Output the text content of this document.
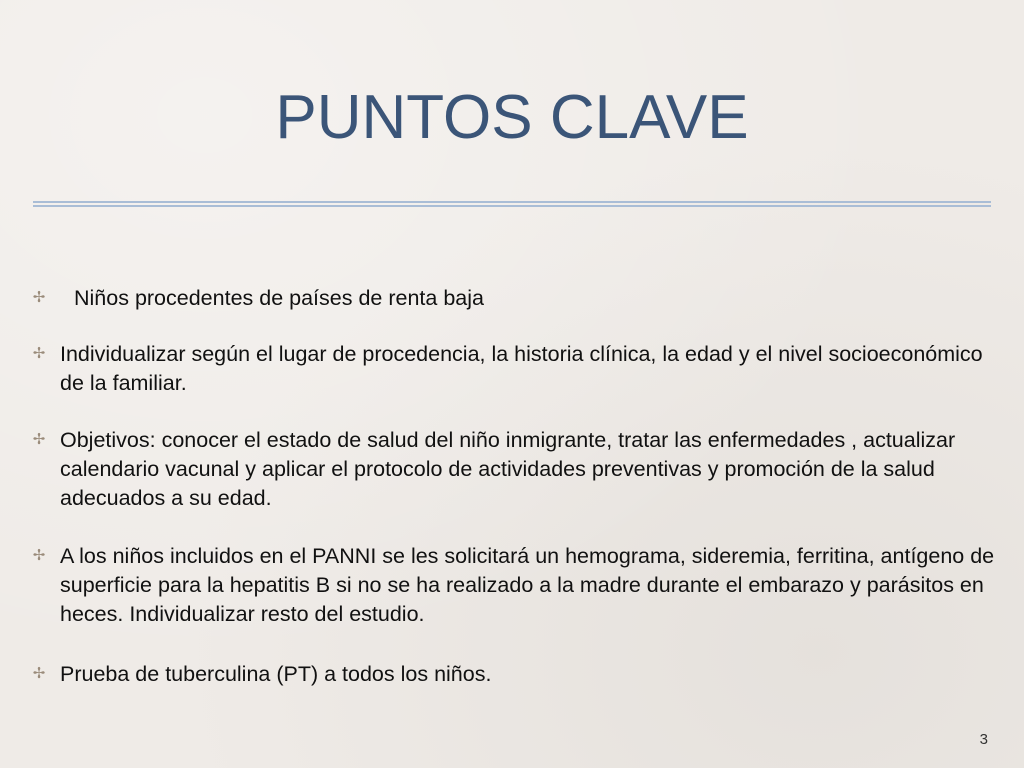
PUNTOS CLAVE
✢ Niños procedentes de países de renta baja
✢ Individualizar según el lugar de procedencia, la historia clínica, la edad y el nivel socioeconómico de la familiar.
✢ Objetivos: conocer el estado de salud del niño inmigrante, tratar las enfermedades , actualizar calendario vacunal y aplicar el protocolo de actividades preventivas y promoción de la salud adecuados a su edad.
✢ A los niños incluidos en el PANNI se les solicitará un hemograma, sideremia, ferritina, antígeno de superficie para la hepatitis B si no se ha realizado a la madre durante el embarazo y parásitos en heces. Individualizar resto del estudio.
✢ Prueba de tuberculina (PT) a todos los niños.
3
